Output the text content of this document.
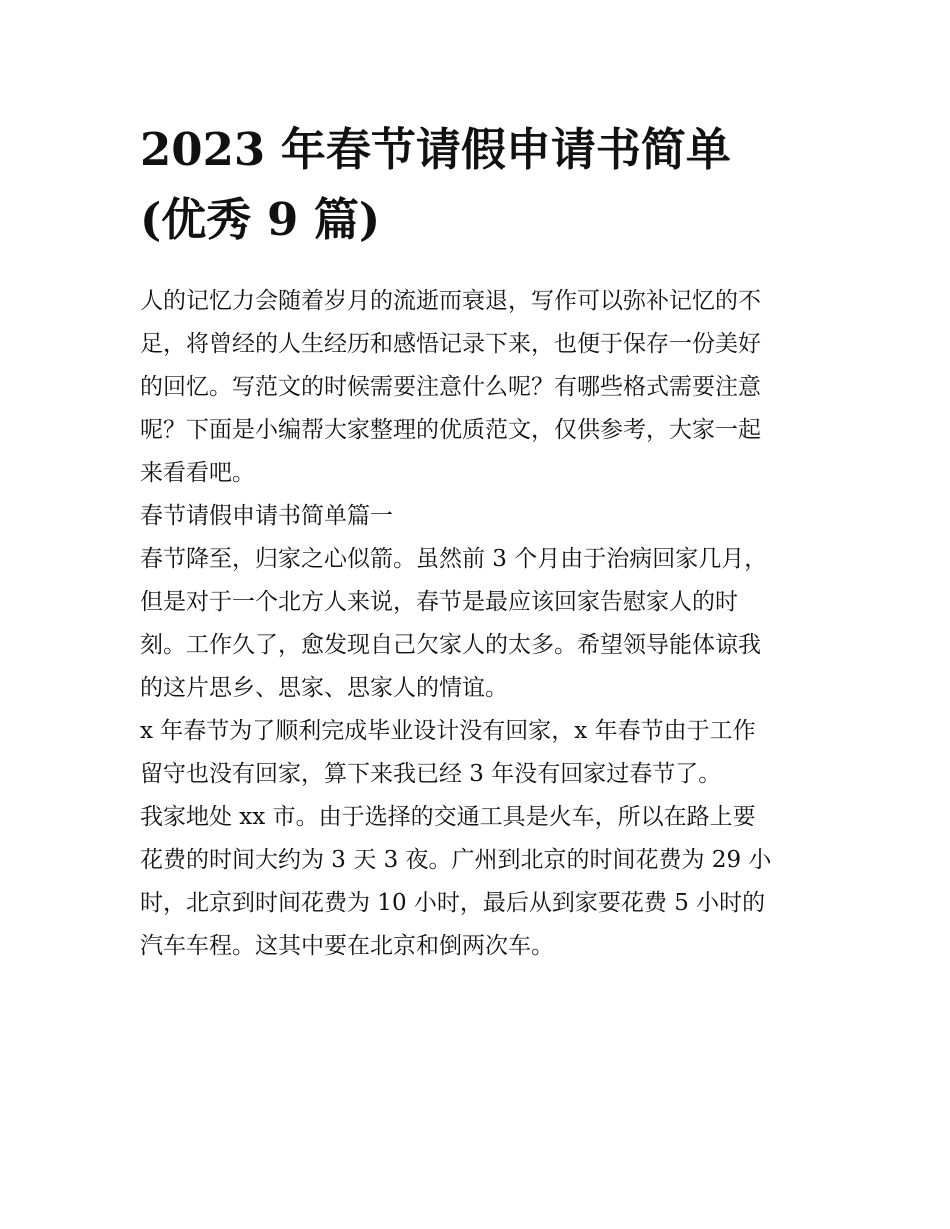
2023 年春节请假申请书简单
(优秀 9 篇)

人的记忆力会随着岁月的流逝而衰退，写作可以弥补记忆的不
足，将曾经的人生经历和感悟记录下来，也便于保存一份美好
的回忆。写范文的时候需要注意什么呢？有哪些格式需要注意
呢？下面是小编帮大家整理的优质范文，仅供参考，大家一起
来看看吧。

春节请假申请书简单篇一

春节降至，归家之心似箭。虽然前 3 个月由于治病回家几月，
但是对于一个北方人来说，春节是最应该回家告慰家人的时
刻。工作久了，愈发现自己欠家人的太多。希望领导能体谅我
的这片思乡、思家、思家人的情谊。

x 年春节为了顺利完成毕业设计没有回家，x 年春节由于工作
留守也没有回家，算下来我已经 3 年没有回家过春节了。

我家地处 xx 市。由于选择的交通工具是火车，所以在路上要
花费的时间大约为 3 天 3 夜。广州到北京的时间花费为 29 小
时，北京到时间花费为 10 小时，最后从到家要花费 5 小时的
汽车车程。这其中要在北京和倒两次车。
